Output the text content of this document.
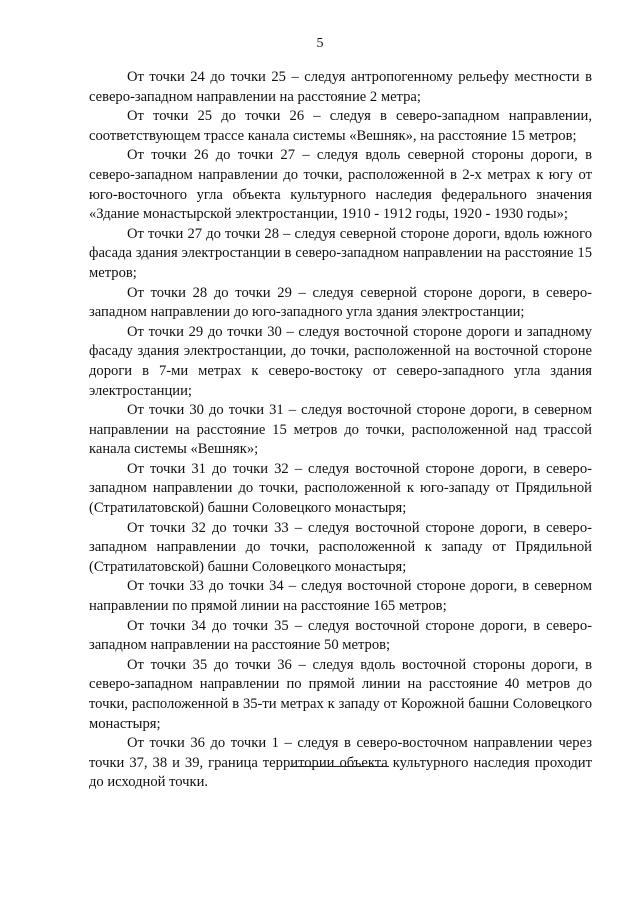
5

От точки 24 до точки 25 – следуя антропогенному рельефу местности в северо-западном направлении на расстояние 2 метра;

От точки 25 до точки 26 – следуя в северо-западном направлении, соответствующем трассе канала системы «Вешняк», на расстояние 15 метров;

От точки 26 до точки 27 – следуя вдоль северной стороны дороги, в северо-западном направлении до точки, расположенной в 2-х метрах к югу от юго-восточного угла объекта культурного наследия федерального значения «Здание монастырской электростанции, 1910 - 1912 годы, 1920 - 1930 годы»;

От точки 27 до точки 28 – следуя северной стороне дороги, вдоль южного фасада здания электростанции в северо-западном направлении на расстояние 15 метров;

От точки 28 до точки 29 – следуя северной стороне дороги, в северо-западном направлении до юго-западного угла здания электростанции;

От точки 29 до точки 30 – следуя восточной стороне дороги и западному фасаду здания электростанции, до точки, расположенной на восточной стороне дороги в 7-ми метрах к северо-востоку от северо-западного угла здания электростанции;

От точки 30 до точки 31 – следуя восточной стороне дороги, в северном направлении на расстояние 15 метров до точки, расположенной над трассой канала системы «Вешняк»;

От точки 31 до точки 32 – следуя восточной стороне дороги, в северо-западном направлении до точки, расположенной к юго-западу от Прядильной (Стратилатовской) башни Соловецкого монастыря;

От точки 32 до точки 33 – следуя восточной стороне дороги, в северо-западном направлении до точки, расположенной к западу от Прядильной (Стратилатовской) башни Соловецкого монастыря;

От точки 33 до точки 34 – следуя восточной стороне дороги, в северном направлении по прямой линии на расстояние 165 метров;

От точки 34 до точки 35 – следуя восточной стороне дороги, в северо-западном направлении на расстояние 50 метров;

От точки 35 до точки 36 – следуя вдоль восточной стороны дороги, в северо-западном направлении по прямой линии на расстояние 40 метров до точки, расположенной в 35-ти метрах к западу от Корожной башни Соловецкого монастыря;

От точки 36 до точки 1 – следуя в северо-восточном направлении через точки 37, 38 и 39, граница территории объекта культурного наследия проходит до исходной точки.
